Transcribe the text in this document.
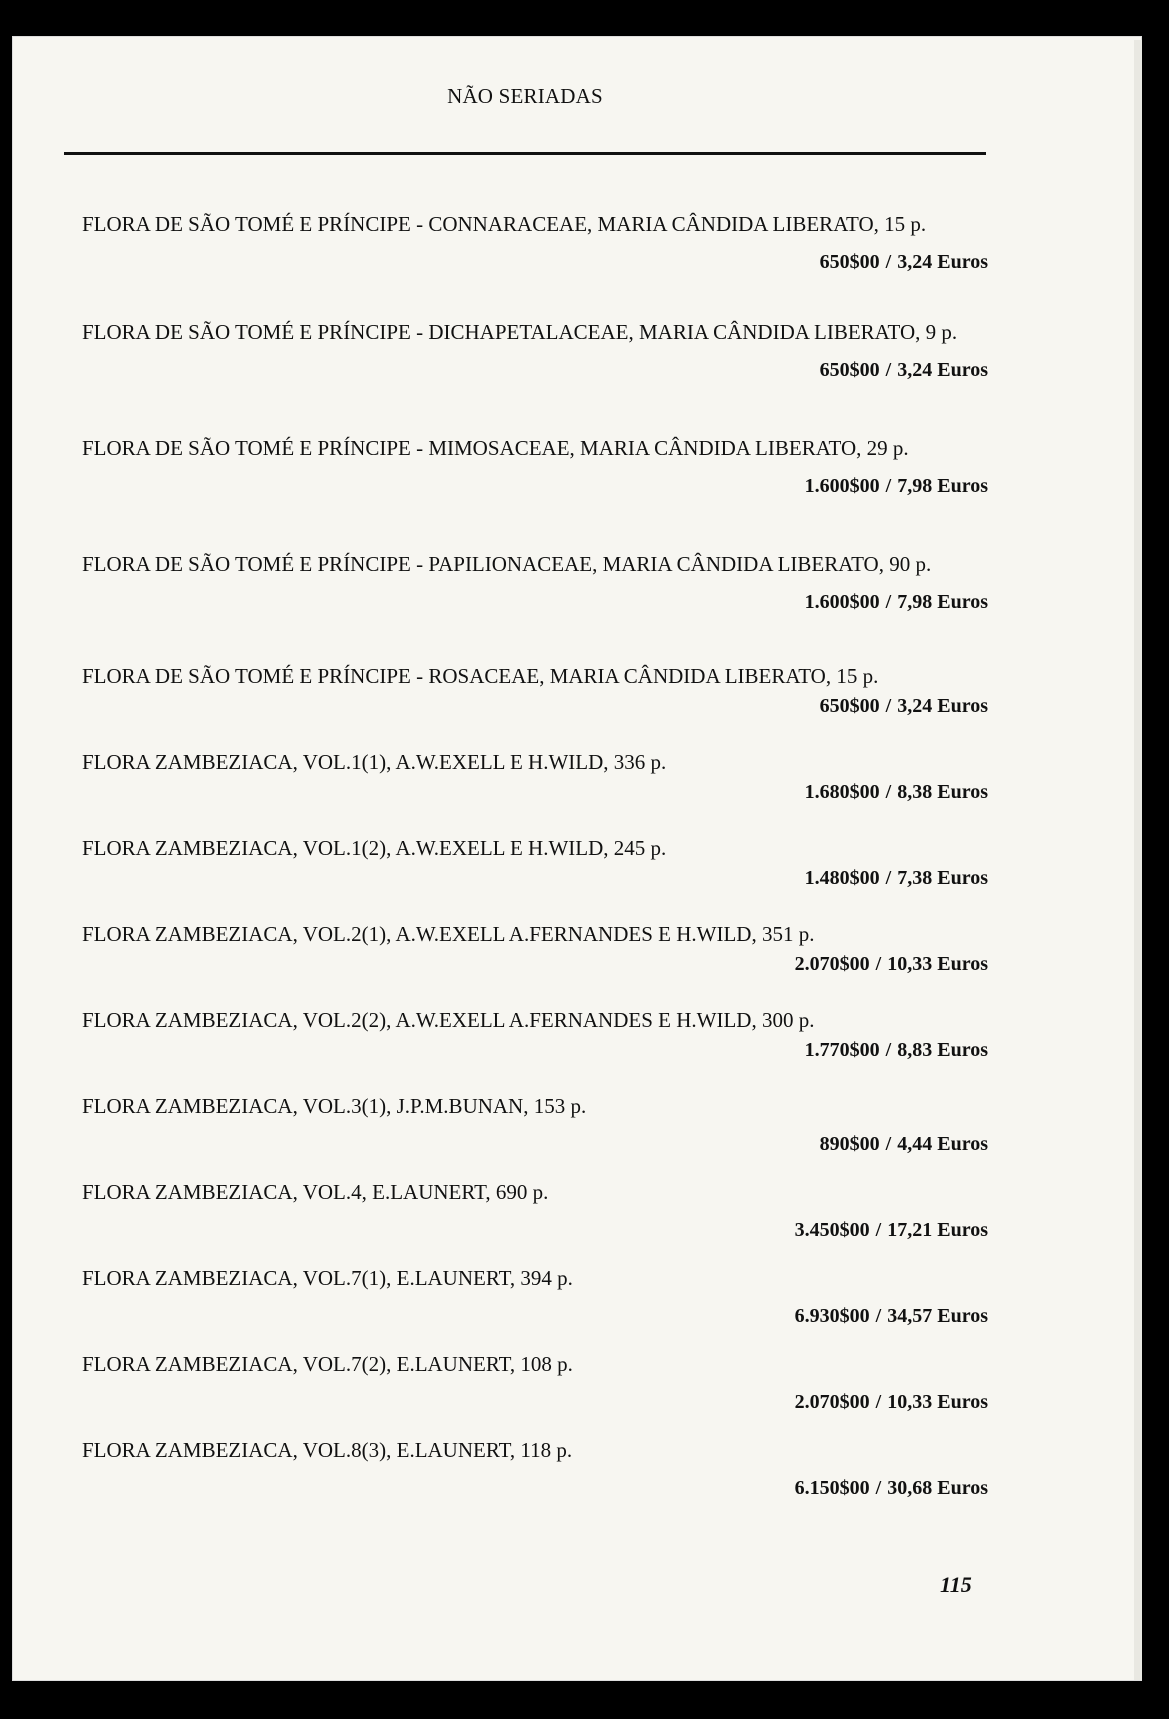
NÃO SERIADAS
FLORA DE SÃO TOMÉ E PRÍNCIPE - CONNARACEAE, MARIA CÂNDIDA LIBERATO, 15 p.
650$00 / 3,24 Euros
FLORA DE SÃO TOMÉ E PRÍNCIPE - DICHAPETALACEAE, MARIA CÂNDIDA LIBERATO, 9 p.
650$00 / 3,24 Euros
FLORA DE SÃO TOMÉ E PRÍNCIPE - MIMOSACEAE, MARIA CÂNDIDA LIBERATO, 29 p.
1.600$00 / 7,98 Euros
FLORA DE SÃO TOMÉ E PRÍNCIPE - PAPILIONACEAE, MARIA CÂNDIDA LIBERATO, 90 p.
1.600$00 / 7,98 Euros
FLORA DE SÃO TOMÉ E PRÍNCIPE - ROSACEAE, MARIA CÂNDIDA LIBERATO, 15 p.
650$00 / 3,24 Euros
FLORA ZAMBEZIACA, VOL.1(1), A.W.EXELL E H.WILD, 336 p.
1.680$00 / 8,38 Euros
FLORA ZAMBEZIACA, VOL.1(2), A.W.EXELL E H.WILD, 245 p.
1.480$00 / 7,38 Euros
FLORA ZAMBEZIACA, VOL.2(1), A.W.EXELL A.FERNANDES E H.WILD, 351 p.
2.070$00 / 10,33 Euros
FLORA ZAMBEZIACA, VOL.2(2), A.W.EXELL A.FERNANDES E H.WILD, 300 p.
1.770$00 / 8,83 Euros
FLORA ZAMBEZIACA, VOL.3(1), J.P.M.BUNAN, 153 p.
890$00 / 4,44 Euros
FLORA ZAMBEZIACA, VOL.4, E.LAUNERT, 690 p.
3.450$00 / 17,21 Euros
FLORA ZAMBEZIACA, VOL.7(1), E.LAUNERT, 394 p.
6.930$00 / 34,57 Euros
FLORA ZAMBEZIACA, VOL.7(2), E.LAUNERT, 108 p.
2.070$00 / 10,33 Euros
FLORA ZAMBEZIACA, VOL.8(3), E.LAUNERT, 118 p.
6.150$00 / 30,68 Euros
115
